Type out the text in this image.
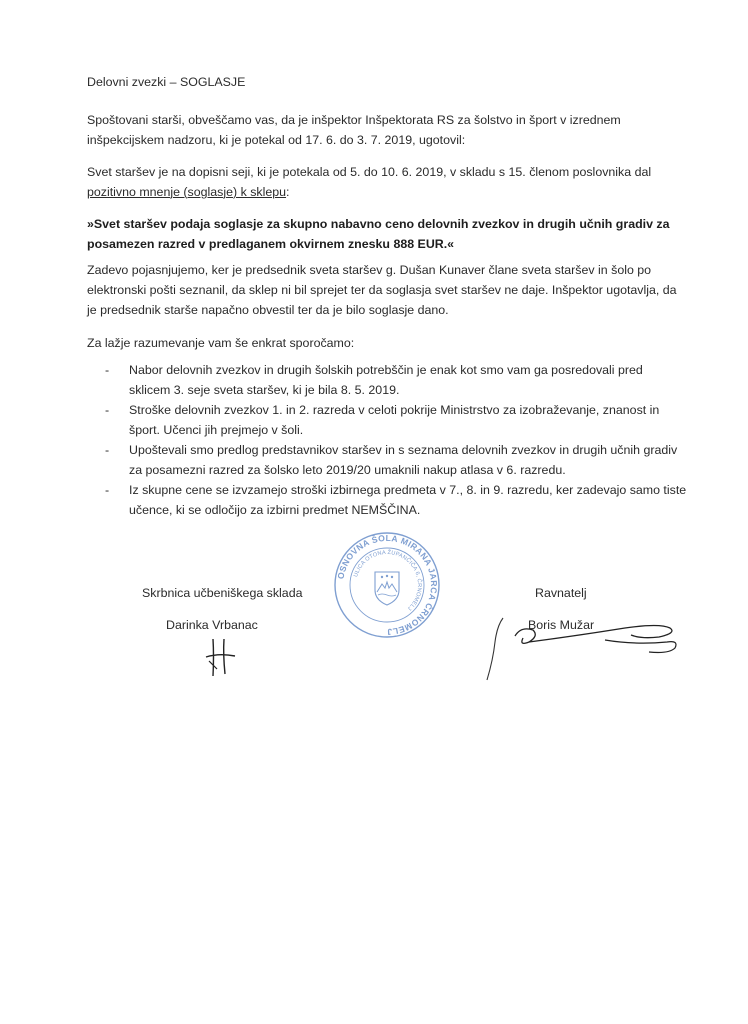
Delovni zvezki – SOGLASJE
Spoštovani starši, obveščamo vas, da je inšpektor Inšpektorata RS za šolstvo in šport v izrednem inšpekcijskem nadzoru, ki je potekal od 17. 6. do 3. 7. 2019, ugotovil:
Svet staršev je na dopisni seji, ki je potekala od 5. do 10. 6. 2019, v skladu s 15. členom poslovnika dal pozitivno mnenje (soglasje) k sklepu:
»Svet staršev podaja soglasje za skupno nabavno ceno delovnih zvezkov in drugih učnih gradiv za posamezen razred v predlaganem okvirnem znesku 888 EUR.«
Zadevo pojasnjujemo, ker je predsednik sveta staršev g. Dušan Kunaver člane sveta staršev in šolo po elektronski pošti seznanil, da sklep ni bil sprejet ter da soglasja svet staršev ne daje. Inšpektor ugotavlja, da je predsednik starše napačno obvestil ter da je bilo soglasje dano.
Za lažje razumevanje vam še enkrat sporočamo:
- Nabor delovnih zvezkov in drugih šolskih potrebščin je enak kot smo vam ga posredovali pred sklicem 3. seje sveta staršev, ki je bila 8. 5. 2019.
- Stroške delovnih zvezkov 1. in 2. razreda v celoti pokrije Ministrstvo za izobraževanje, znanost in šport. Učenci jih prejmejo v šoli.
- Upoštevali smo predlog predstavnikov staršev in s seznama delovnih zvezkov in drugih učnih gradiv za posamezni razred za šolsko leto 2019/20 umaknili nakup atlasa v 6. razredu.
- Iz skupne cene se izvzamejo stroški izbirnega predmeta v 7., 8. in 9. razredu, ker zadevajo samo tiste učence, ki se odločijo za izbirni predmet NEMŠČINA.
Skrbnica učbeniškega sklada
Darinka Vrbanac
Ravnatelj
Boris Mužar
OSNOVNA ŠOLA MIRANA JARCA ČRNOMELJ
ULICA OTONA ŽUPANČIČA 6, ČRNOMELJ
